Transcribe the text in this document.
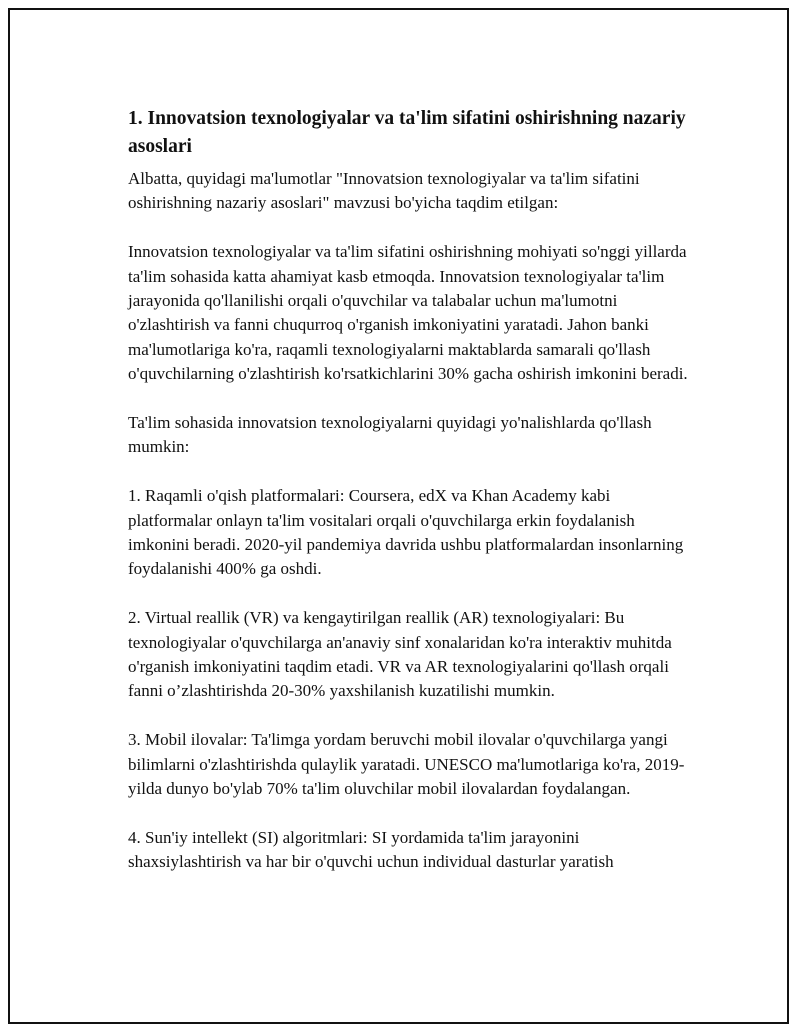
1. Innovatsion texnologiyalar va ta'lim sifatini oshirishning nazariy asoslari

Albatta, quyidagi ma'lumotlar "Innovatsion texnologiyalar va ta'lim sifatini oshirishning nazariy asoslari" mavzusi bo'yicha taqdim etilgan:

Innovatsion texnologiyalar va ta'lim sifatini oshirishning mohiyati so'nggi yillarda ta'lim sohasida katta ahamiyat kasb etmoqda. Innovatsion texnologiyalar ta'lim jarayonida qo'llanilishi orqali o'quvchilar va talabalar uchun ma'lumotni o'zlashtirish va fanni chuqurroq o'rganish imkoniyatini yaratadi. Jahon banki ma'lumotlariga ko'ra, raqamli texnologiyalarni maktablarda samarali qo'llash o'quvchilarning o'zlashtirish ko'rsatkichlarini 30% gacha oshirish imkonini beradi.

Ta'lim sohasida innovatsion texnologiyalarni quyidagi yo'nalishlarda qo'llash mumkin:

1. Raqamli o'qish platformalari: Coursera, edX va Khan Academy kabi platformalar onlayn ta'lim vositalari orqali o'quvchilarga erkin foydalanish imkonini beradi. 2020-yil pandemiya davrida ushbu platformalardan insonlarning foydalanishi 400% ga oshdi.

2. Virtual reallik (VR) va kengaytirilgan reallik (AR) texnologiyalari: Bu texnologiyalar o'quvchilarga an'anaviy sinf xonalaridan ko'ra interaktiv muhitda o'rganish imkoniyatini taqdim etadi. VR va AR texnologiyalarini qo'llash orqali fanni o’zlashtirishda 20-30% yaxshilanish kuzatilishi mumkin.

3. Mobil ilovalar: Ta'limga yordam beruvchi mobil ilovalar o'quvchilarga yangi bilimlarni o'zlashtirishda qulaylik yaratadi. UNESCO ma'lumotlariga ko'ra, 2019-yilda dunyo bo'ylab 70% ta'lim oluvchilar mobil ilovalardan foydalangan.

4. Sun'iy intellekt (SI) algoritmlari: SI yordamida ta'lim jarayonini shaxsiylashtirish va har bir o'quvchi uchun individual dasturlar yaratish
